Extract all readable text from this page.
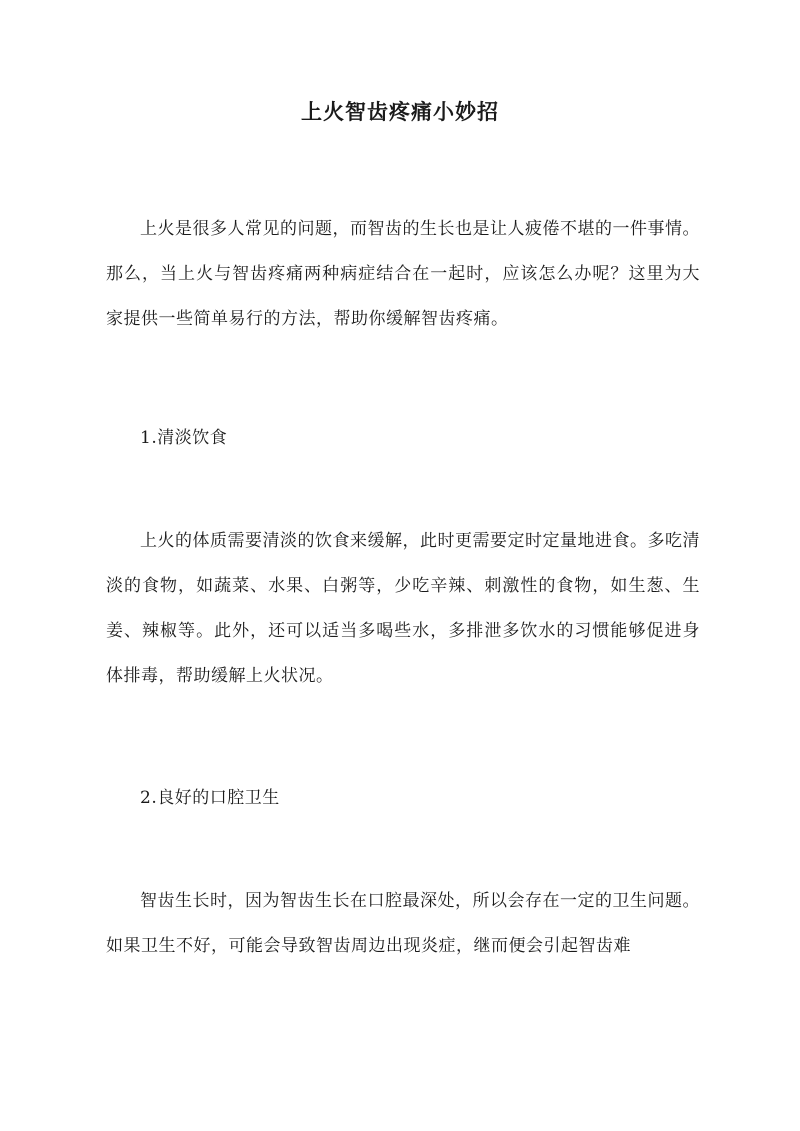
上火智齿疼痛小妙招

上火是很多人常见的问题，而智齿的生长也是让人疲倦不堪的一件事情。那么，当上火与智齿疼痛两种病症结合在一起时，应该怎么办呢？这里为大家提供一些简单易行的方法，帮助你缓解智齿疼痛。

1.清淡饮食

上火的体质需要清淡的饮食来缓解，此时更需要定时定量地进食。多吃清淡的食物，如蔬菜、水果、白粥等，少吃辛辣、刺激性的食物，如生葱、生姜、辣椒等。此外，还可以适当多喝些水，多排泄多饮水的习惯能够促进身体排毒，帮助缓解上火状况。

2.良好的口腔卫生

智齿生长时，因为智齿生长在口腔最深处，所以会存在一定的卫生问题。如果卫生不好，可能会导致智齿周边出现炎症，继而便会引起智齿难
